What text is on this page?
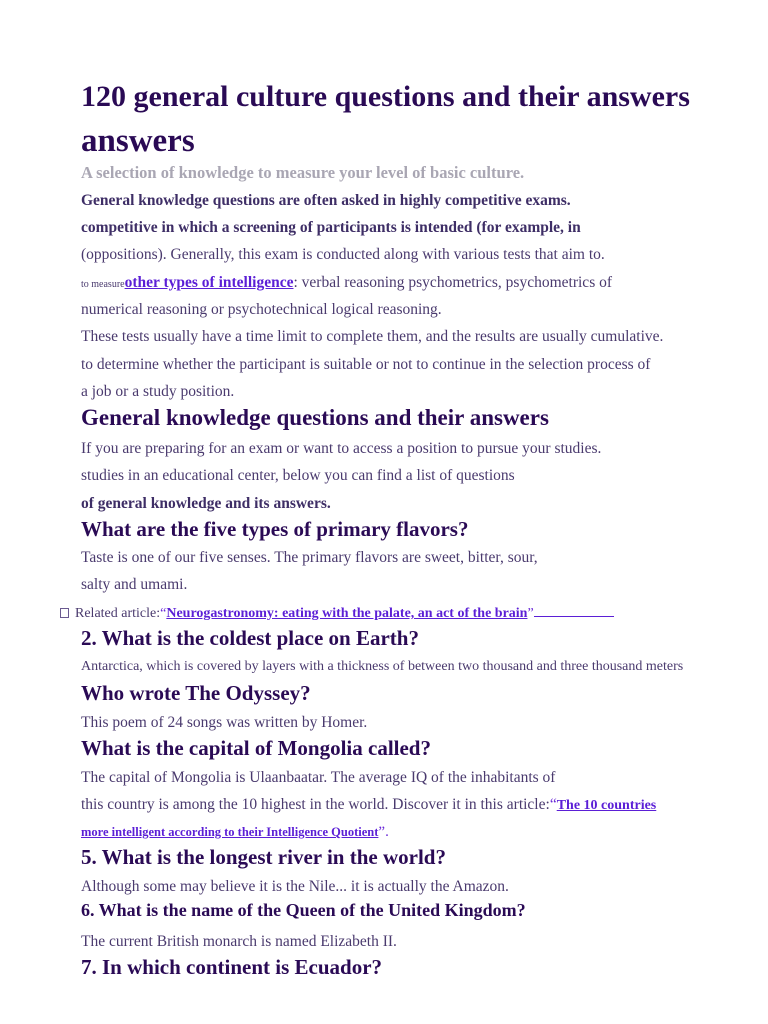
120 general culture questions and their answers
answers
A selection of knowledge to measure your level of basic culture.
General knowledge questions are often asked in highly competitive exams.
competitive in which a screening of participants is intended (for example, in
(oppositions). Generally, this exam is conducted along with various tests that aim to.
to measureother types of intelligence: verbal reasoning psychometrics, psychometrics of
numerical reasoning or psychotechnical logical reasoning.
These tests usually have a time limit to complete them, and the results are usually cumulative.
to determine whether the participant is suitable or not to continue in the selection process of
a job or a study position.
General knowledge questions and their answers
If you are preparing for an exam or want to access a position to pursue your studies.
studies in an educational center, below you can find a list of questions
of general knowledge and its answers.
What are the five types of primary flavors?
Taste is one of our five senses. The primary flavors are sweet, bitter, sour,
salty and umami.
Related article:“Neurogastronomy: eating with the palate, an act of the brain”
2. What is the coldest place on Earth?
Antarctica, which is covered by layers with a thickness of between two thousand and three thousand meters
Who wrote The Odyssey?
This poem of 24 songs was written by Homer.
What is the capital of Mongolia called?
The capital of Mongolia is Ulaanbaatar. The average IQ of the inhabitants of
this country is among the 10 highest in the world. Discover it in this article:“The 10 countries
more intelligent according to their Intelligence Quotient”.
5. What is the longest river in the world?
Although some may believe it is the Nile... it is actually the Amazon.
6. What is the name of the Queen of the United Kingdom?
The current British monarch is named Elizabeth II.
7. In which continent is Ecuador?
